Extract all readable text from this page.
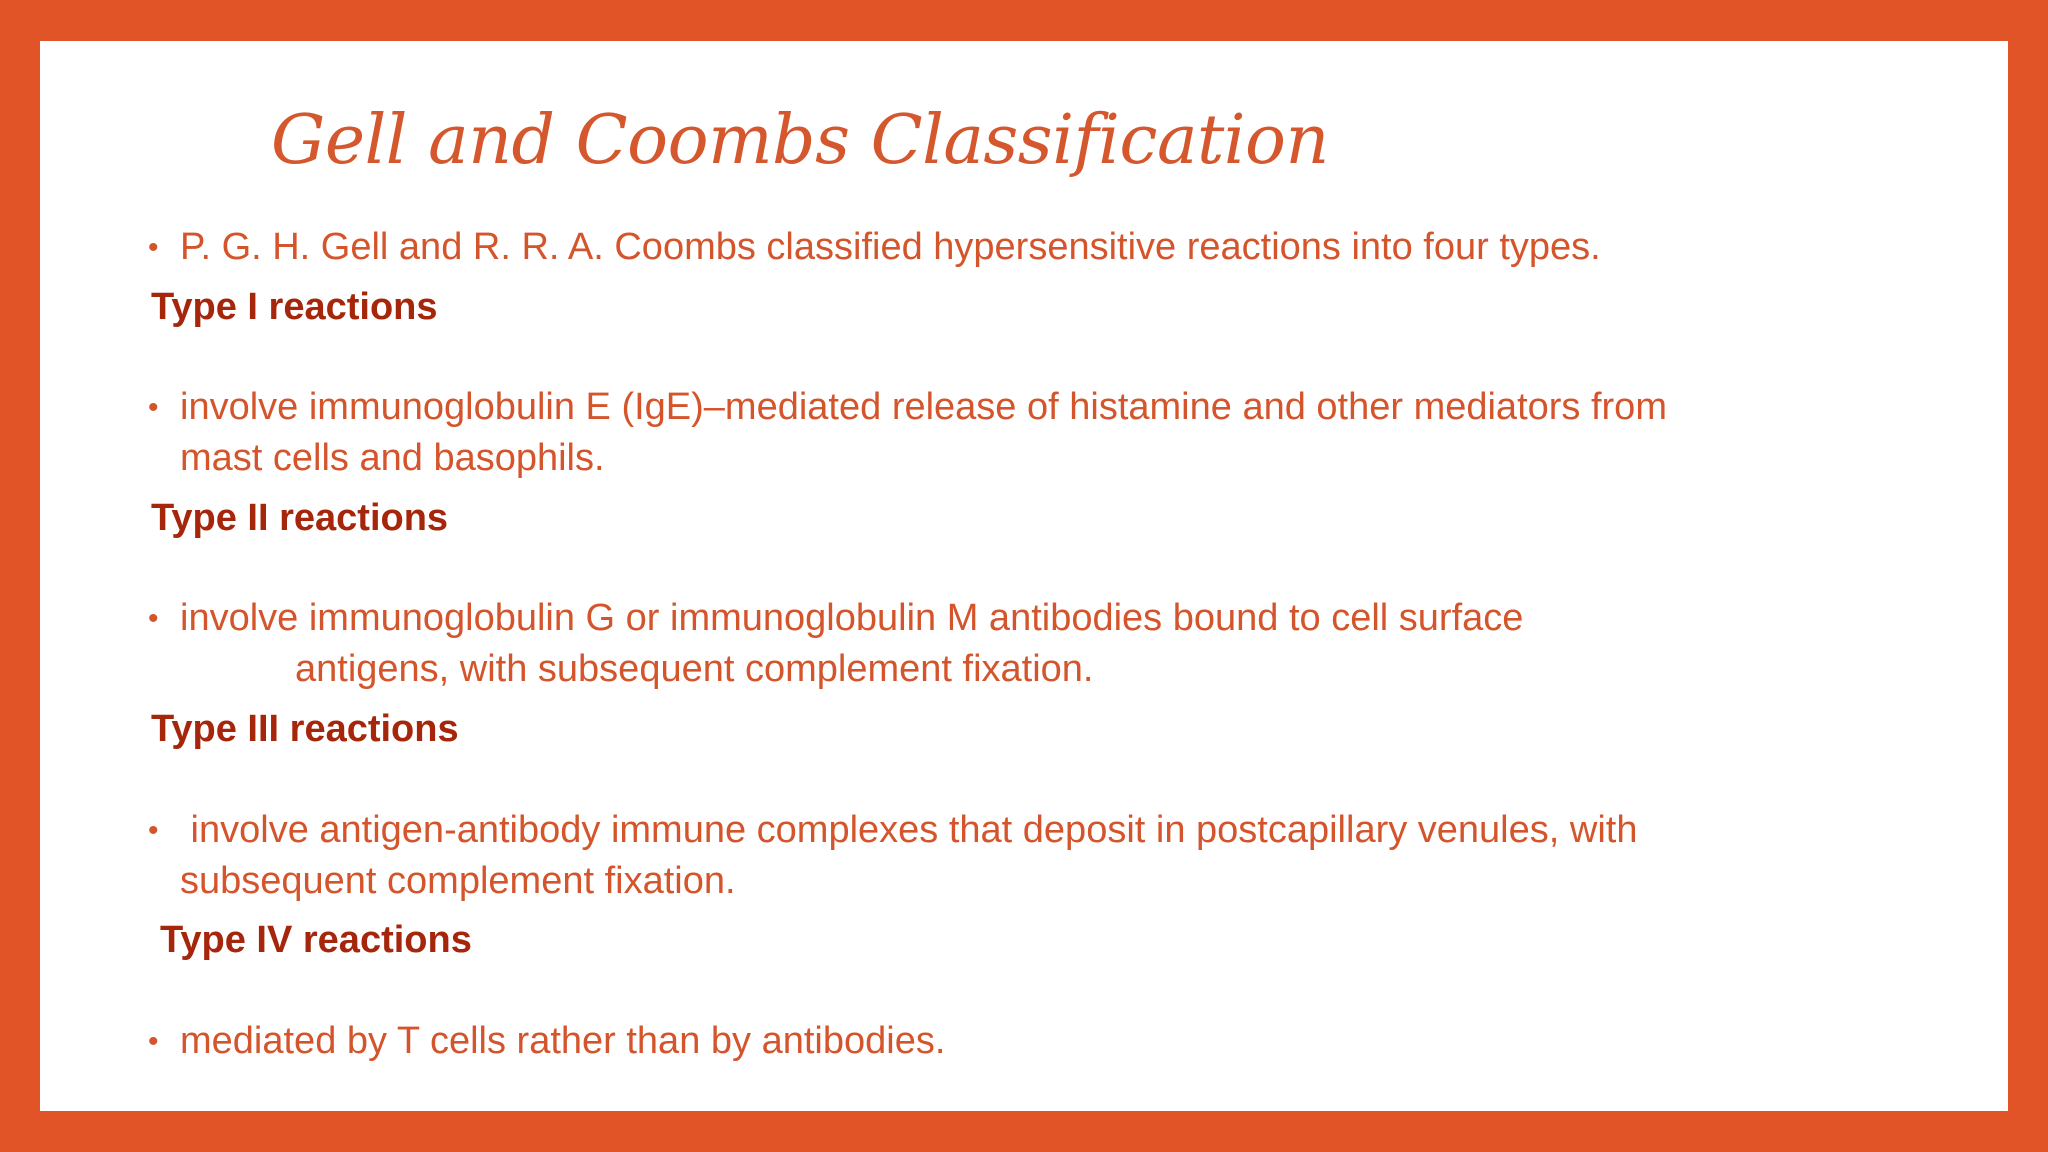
Gell and Coombs Classification
• P. G. H. Gell and R. R. A. Coombs classified hypersensitive reactions into four types.
Type I reactions
• involve immunoglobulin E (IgE)–mediated release of histamine and other mediators from
mast cells and basophils.
Type II reactions
• involve immunoglobulin G or immunoglobulin M antibodies bound to cell surface
antigens, with subsequent complement fixation.
Type III reactions
• involve antigen-antibody immune complexes that deposit in postcapillary venules, with
subsequent complement fixation.
Type IV reactions
• mediated by T cells rather than by antibodies.
